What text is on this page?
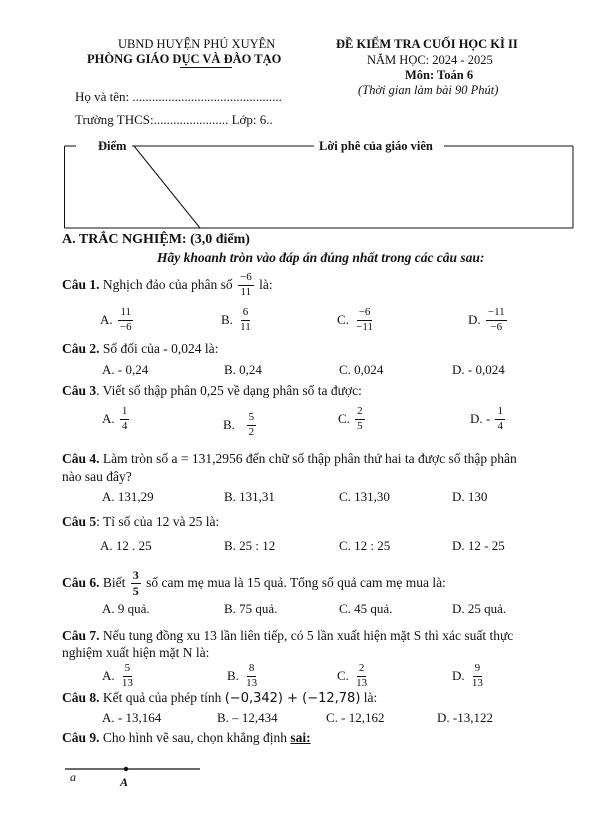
UBND HUYỆN PHÚ XUYÊN
PHÒNG GIÁO DỤC VÀ ĐÀO TẠO
ĐỀ KIỂM TRA CUỐI HỌC KÌ II
NĂM HỌC: 2024 - 2025
Môn: Toán 6
(Thời gian làm bài 90 Phút)
Họ và tên: ..............................................
Trường THCS:....................... Lớp: 6..
Điểm	Lời phê của giáo viên
A. TRẮC NGHIỆM: (3,0 điểm)
Hãy khoanh tròn vào đáp án đúng nhất trong các câu sau:
Câu 1.
Nghịch đảo của phân số
$\frac{-6}{11}$
là:
A.
$\frac{11}{-6}$	B.
$\frac{6}{11}$	C.
$\frac{-6}{-11}$	D.
$\frac{-11}{-6}$
Câu 2. Số đối của - 0,024 là:
A. - 0,24	B. 0,24	C. 0,024	D. - 0,024
Câu 3. Viết số thập phân 0,25 về dạng phân số ta được:
A.
$\frac{1}{4}$	B.
$\frac{5}{2}$	C.
$\frac{2}{5}$	D. -
$\frac{1}{4}$
Câu 4. Làm tròn số a = 131,2956 đến chữ số thập phân thứ hai ta được số thập phân
nào sau đây?
A. 131,29	B. 131,31	C. 131,30	D. 130
Câu 5: Tỉ số của 12 và 25 là:
A. 12 . 25	B. 25 : 12	C. 12 : 25	D. 12 - 25
Câu 6.
Biết
$\frac{3}{5}$
số cam mẹ mua là 15 quả. Tổng số quả cam mẹ mua là:
A. 9 quả.	B. 75 quả.	C. 45 quả.	D. 25 quả.
Câu 7. Nếu tung đồng xu 13 lần liên tiếp, có 5 lần xuất hiện mặt S thì xác suất thực
nghiệm xuất hiện mặt N là:
A.
$\frac{5}{13}$	B.
$\frac{8}{13}$	C.
$\frac{2}{13}$	D.
$\frac{9}{13}$
Câu 8. Kết quả của phép tính (−0,342) + (−12,78) là:
A. - 13,164	B. – 12,434	C. - 12,162	D. -13,122
Câu 9. Cho hình vẽ sau, chọn khẳng định sai:
a	A
